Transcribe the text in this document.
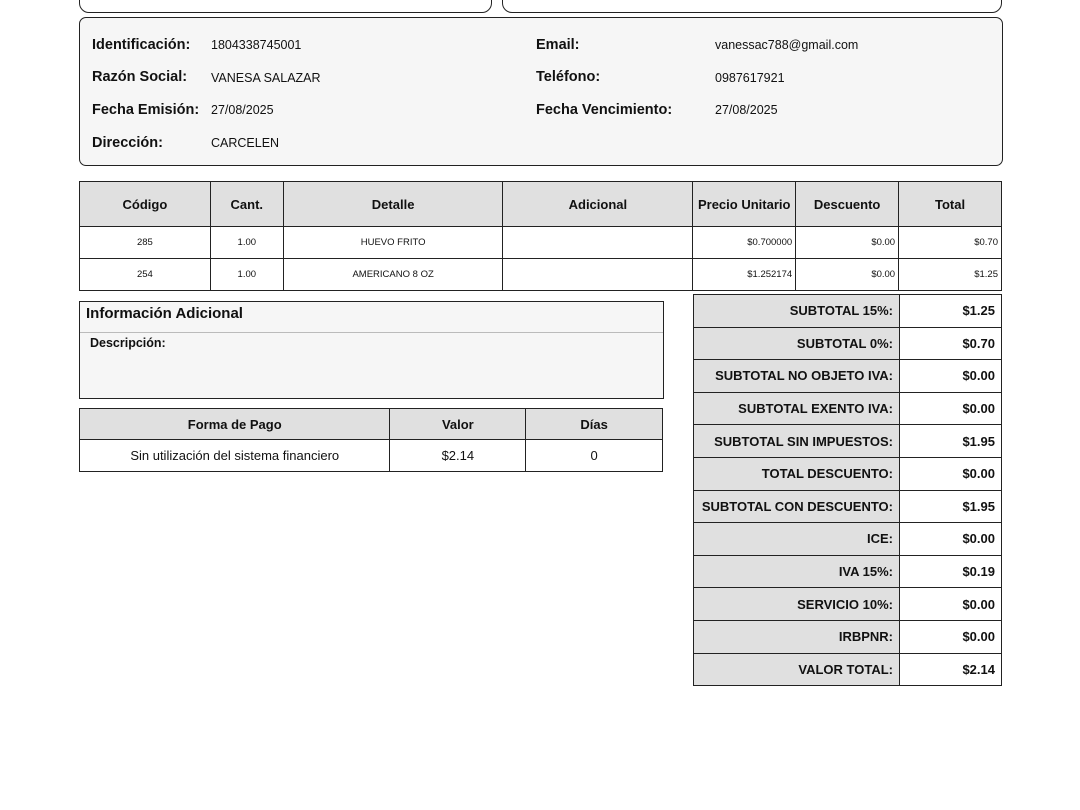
Identificación: 1804338745001
Razón Social: VANESA SALAZAR
Fecha Emisión: 27/08/2025
Dirección:	CARCELEN
Email:	vanessac788@gmail.com
Teléfono:	0987617921
Fecha Vencimiento:	27/08/2025
Código	Cant.	Detalle	Adicional	Precio Unitario	Descuento	Total
285	1.00	HUEVO FRITO		$0.700000	$0.00	$0.70
254	1.00	AMERICANO 8 OZ		$1.252174	$0.00	$1.25
Información Adicional
Descripción:
Forma de Pago	Valor	Días
Sin utilización del sistema financiero	$2.14	0
SUBTOTAL 15%:	$1.25
SUBTOTAL 0%:	$0.70
SUBTOTAL NO OBJETO IVA:	$0.00
SUBTOTAL EXENTO IVA:	$0.00
SUBTOTAL SIN IMPUESTOS:	$1.95
TOTAL DESCUENTO:	$0.00
SUBTOTAL CON DESCUENTO:	$1.95
ICE:	$0.00
IVA 15%:	$0.19
SERVICIO 10%:	$0.00
IRBPNR:	$0.00
VALOR TOTAL:	$2.14
